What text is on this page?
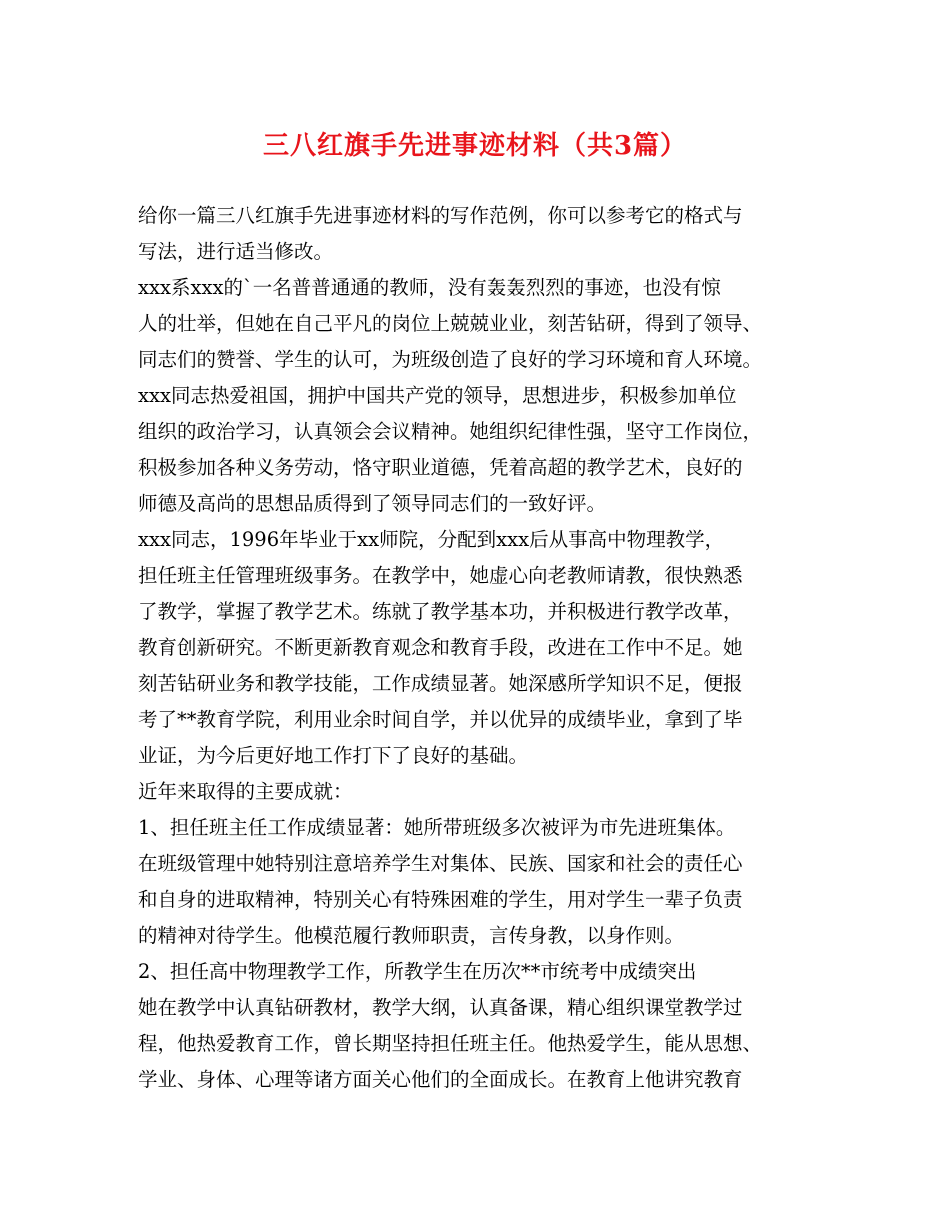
三八红旗手先进事迹材料（共3篇）
给你一篇三八红旗手先进事迹材料的写作范例，你可以参考它的格式与
写法，进行适当修改。
xxx系xxx的`一名普普通通的教师，没有轰轰烈烈的事迹，也没有惊
人的壮举，但她在自己平凡的岗位上兢兢业业，刻苦钻研，得到了领导、
同志们的赞誉、学生的认可，为班级创造了良好的学习环境和育人环境。
xxx同志热爱祖国，拥护中国共产党的领导，思想进步，积极参加单位
组织的政治学习，认真领会会议精神。她组织纪律性强，坚守工作岗位，
积极参加各种义务劳动，恪守职业道德，凭着高超的教学艺术，良好的
师德及高尚的思想品质得到了领导同志们的一致好评。
xxx同志，1996年毕业于xx师院，分配到xxx后从事高中物理教学，
担任班主任管理班级事务。在教学中，她虚心向老教师请教，很快熟悉
了教学，掌握了教学艺术。练就了教学基本功，并积极进行教学改革，
教育创新研究。不断更新教育观念和教育手段，改进在工作中不足。她
刻苦钻研业务和教学技能，工作成绩显著。她深感所学知识不足，便报
考了**教育学院，利用业余时间自学，并以优异的成绩毕业，拿到了毕
业证，为今后更好地工作打下了良好的基础。
近年来取得的主要成就：
1、担任班主任工作成绩显著：她所带班级多次被评为市先进班集体。
在班级管理中她特别注意培养学生对集体、民族、国家和社会的责任心
和自身的进取精神，特别关心有特殊困难的学生，用对学生一辈子负责
的精神对待学生。他模范履行教师职责，言传身教，以身作则。
2、担任高中物理教学工作，所教学生在历次**市统考中成绩突出
她在教学中认真钻研教材，教学大纲，认真备课，精心组织课堂教学过
程，他热爱教育工作，曾长期坚持担任班主任。他热爱学生，能从思想、
学业、身体、心理等诸方面关心他们的全面成长。在教育上他讲究教育
